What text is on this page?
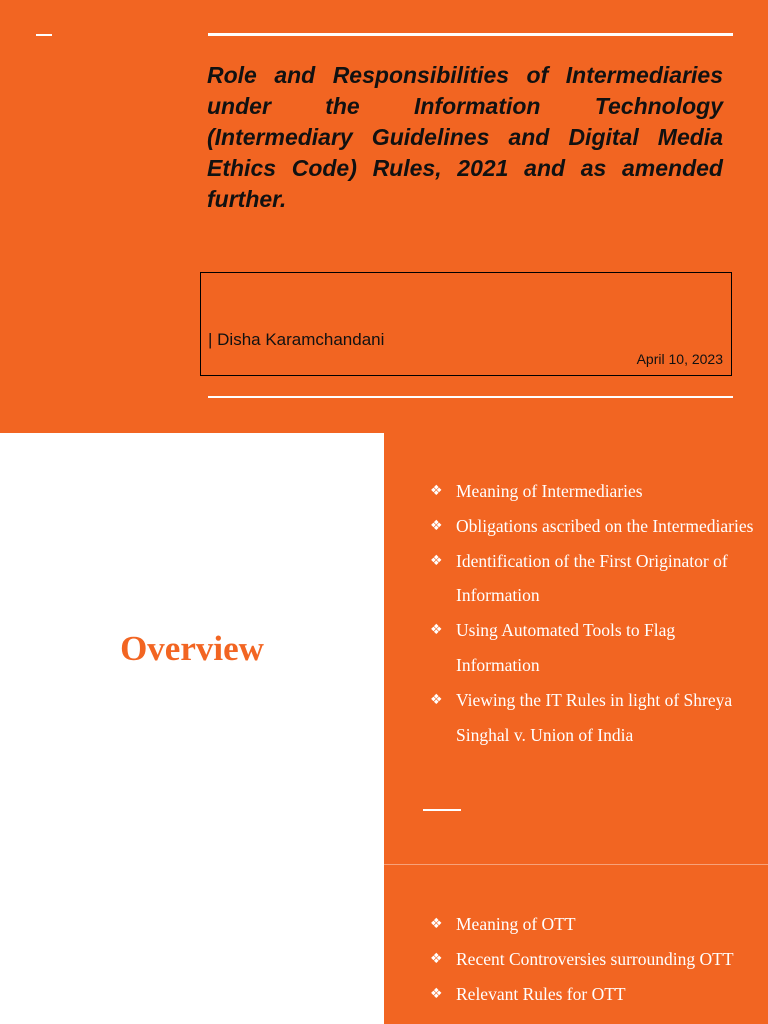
Role and Responsibilities of Intermediaries under the Information Technology (Intermediary Guidelines and Digital Media Ethics Code) Rules, 2021 and as amended further.
| Disha Karamchandani
April 10, 2023
Overview
❖ Meaning of Intermediaries
❖ Obligations ascribed on the Intermediaries
❖ Identification of the First Originator of Information
❖ Using Automated Tools to Flag Information
❖ Viewing the IT Rules in light of Shreya Singhal v. Union of India
❖ Meaning of OTT
❖ Recent Controversies surrounding OTT
❖ Relevant Rules for OTT
